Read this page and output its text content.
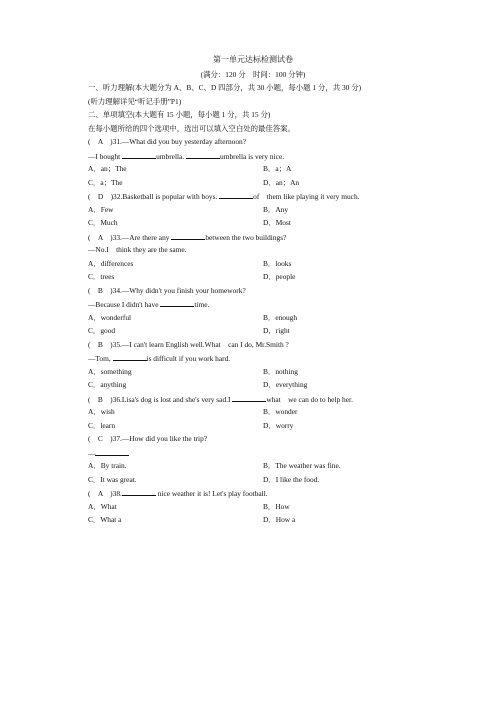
第一单元达标检测试卷
(满分：120 分　时间：100 分钟)
一、听力理解(本大题分为 A、B、C、D 四部分，共 30 小题，每小题 1 分，共 30 分)
(听力理解详见“听记手册”P1)
二、单项填空(本大题有 15 小题，每小题 1 分，共 15 分)
在每小题所给的四个选项中，选出可以填入空白处的最佳答案。
(　A　)31.—What did you buy yesterday afternoon?
—I bought	umbrella.	umbrella is very nice.
A．an；The	B．a；A
C．a；The	D．an；An
(　D　)32.Basketball is popular with boys.	of　them like playing it very much.
A．Few	B．Any
C．Much	D．Most
(　A　)33.—Are there any	between the two buildings?
—No.I　think they are the same.
A．differences	B．looks
C．trees	D．people
(　B　)34.—Why didn't you finish your homework?
—Because I didn't have	time.
A．wonderful	B．enough
C．good	D．right
(　B　)35.—I can't learn English well.What　can I do, Mr.Smith ?
—Tom,	is difficult if you work hard.
A．something	B．nothing
C．anything	D．everything
(　B　)36.Lisa's dog is lost and she's very sad.I	what　we can do to help her.
A．wish	B．wonder
C．learn	D．worry
(　C　)37.—How did you like the trip?
—
A．By train.	B．The weather was fine.
C．It was great.	D．I like the food.
(　A　)38.	nice weather it is! Let's play football.
A．What	B．How
C．What a	D．How a
